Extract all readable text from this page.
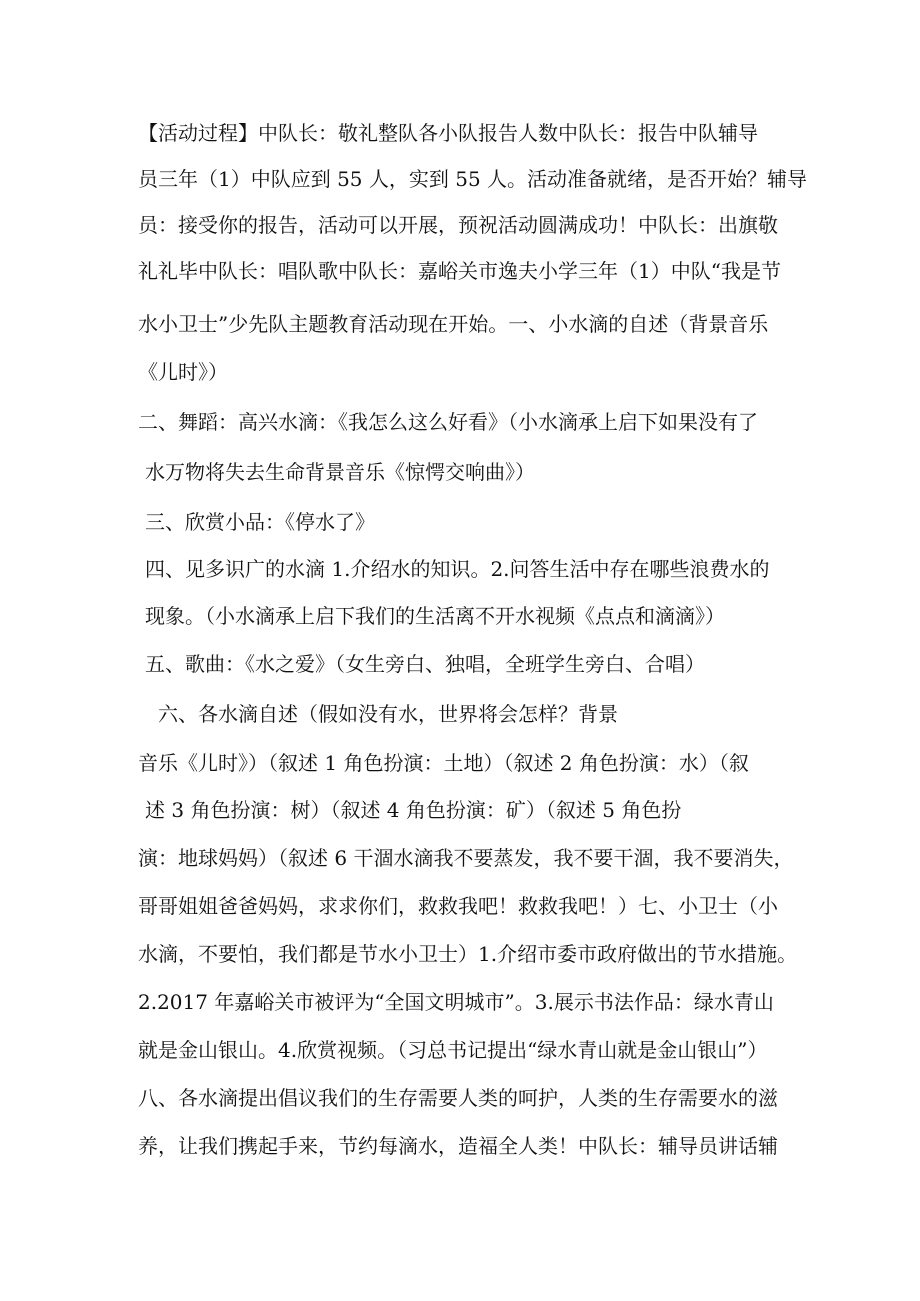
【活动过程】中队长：敬礼整队各小队报告人数中队长：报告中队辅导
员三年（1）中队应到 55 人，实到 55 人。活动准备就绪，是否开始？辅导
员：接受你的报告，活动可以开展，预祝活动圆满成功！中队长：出旗敬
礼礼毕中队长：唱队歌中队长：嘉峪关市逸夫小学三年（1）中队“我是节
水小卫士”少先队主题教育活动现在开始。一、小水滴的自述（背景音乐
《儿时》）
二、舞蹈：高兴水滴：《我怎么这么好看》（小水滴承上启下如果没有了
水万物将失去生命背景音乐《惊愕交响曲》）
三、欣赏小品：《停水了》
四、见多识广的水滴 1.介绍水的知识。2.问答生活中存在哪些浪费水的
现象。（小水滴承上启下我们的生活离不开水视频《点点和滴滴》）
五、歌曲：《水之爱》（女生旁白、独唱，全班学生旁白、合唱）
六、各水滴自述（假如没有水，世界将会怎样？背景
音乐《儿时》）（叙述 1 角色扮演：土地）（叙述 2 角色扮演：水）（叙
述 3 角色扮演：树）（叙述 4 角色扮演：矿）（叙述 5 角色扮
演：地球妈妈）（叙述 6 干涸水滴我不要蒸发，我不要干涸，我不要消失，
哥哥姐姐爸爸妈妈，求求你们，救救我吧！救救我吧！）七、小卫士（小
水滴，不要怕，我们都是节水小卫士）1.介绍市委市政府做出的节水措施。
2.2017 年嘉峪关市被评为“全国文明城市”。3.展示书法作品：绿水青山
就是金山银山。4.欣赏视频。（习总书记提出“绿水青山就是金山银山”）
八、各水滴提出倡议我们的生存需要人类的呵护，人类的生存需要水的滋
养，让我们携起手来，节约每滴水，造福全人类！中队长：辅导员讲话辅
